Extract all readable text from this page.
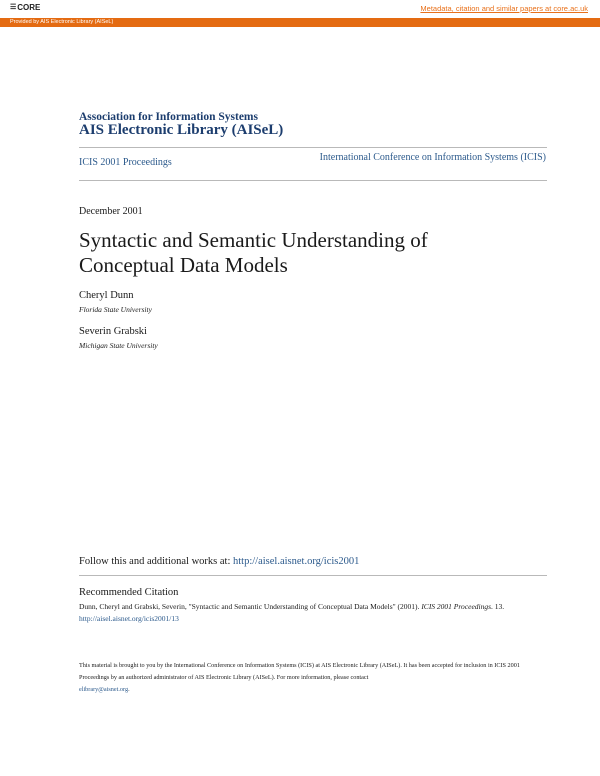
☰CORE	Metadata, citation and similar papers at core.ac.uk
Provided by AIS Electronic Library (AISeL)
Association for Information Systems
AIS Electronic Library (AISeL)
ICIS 2001 Proceedings	International Conference on Information Systems (ICIS)
December 2001
Syntactic and Semantic Understanding of Conceptual Data Models
Cheryl Dunn
Florida State University
Severin Grabski
Michigan State University
Follow this and additional works at: http://aisel.aisnet.org/icis2001
Recommended Citation
Dunn, Cheryl and Grabski, Severin, "Syntactic and Semantic Understanding of Conceptual Data Models" (2001). ICIS 2001 Proceedings. 13.
http://aisel.aisnet.org/icis2001/13
This material is brought to you by the International Conference on Information Systems (ICIS) at AIS Electronic Library (AISeL). It has been accepted for inclusion in ICIS 2001 Proceedings by an authorized administrator of AIS Electronic Library (AISeL). For more information, please contact
elibrary@aisnet.org.
